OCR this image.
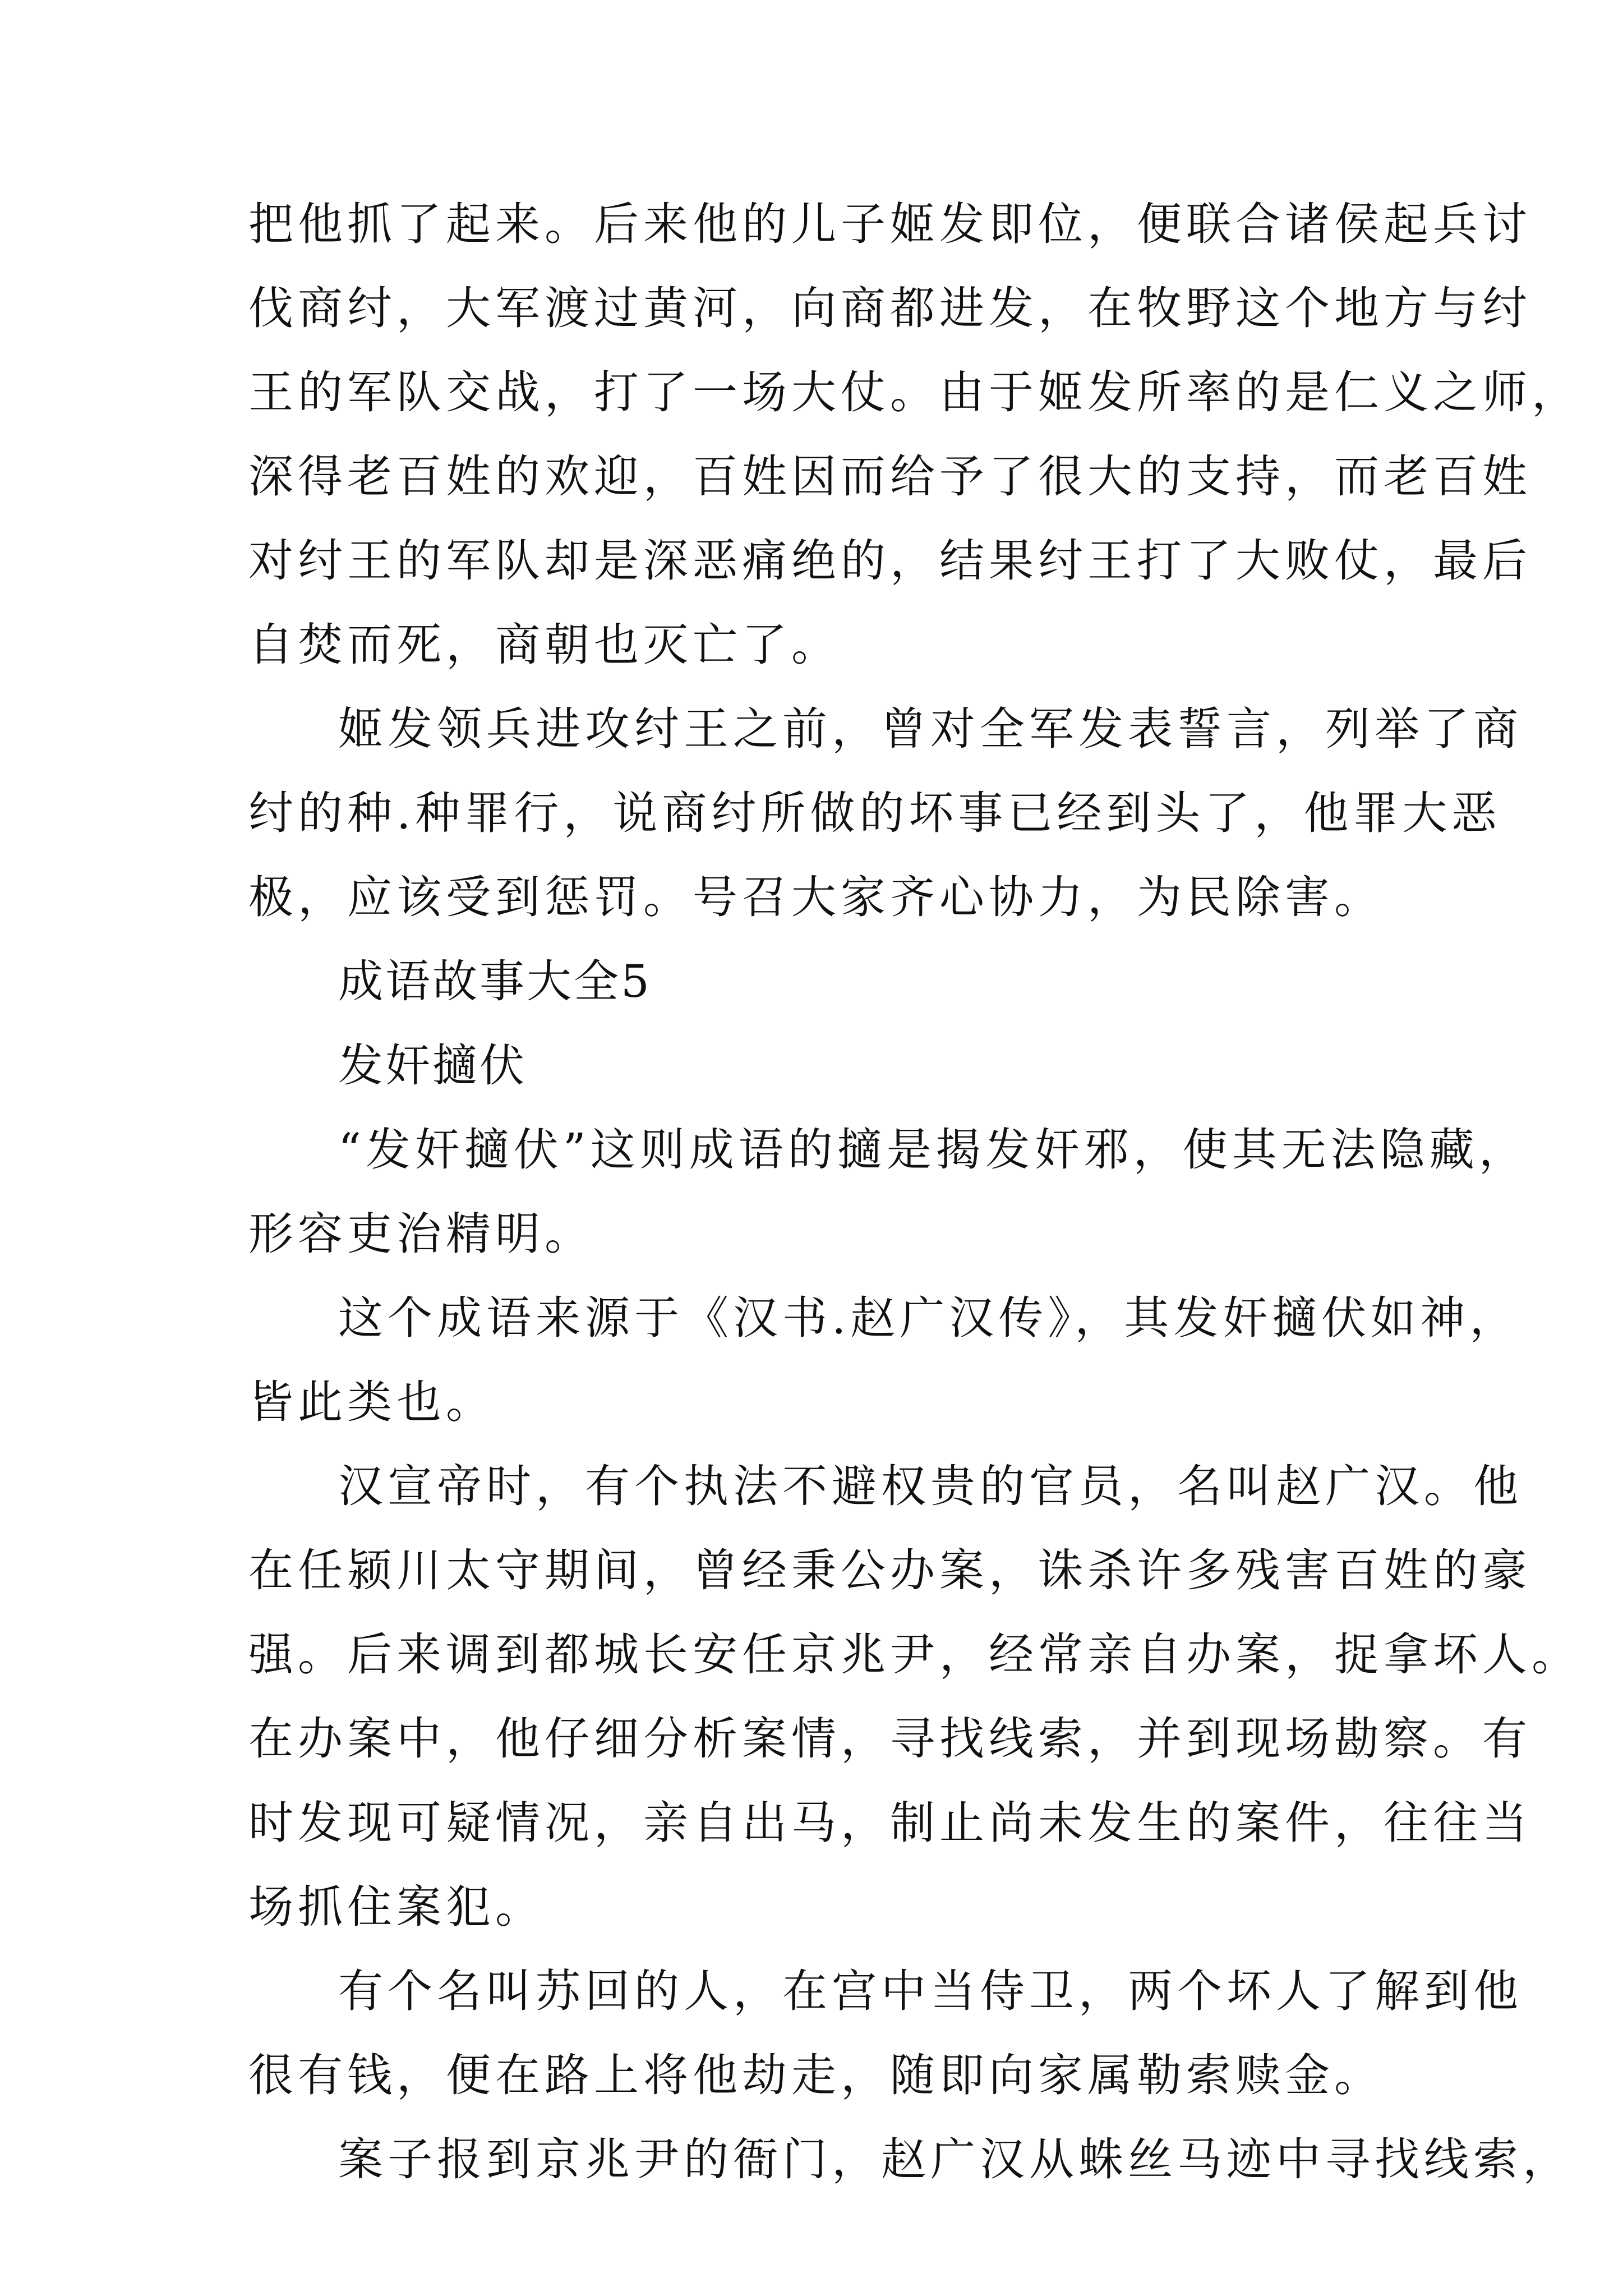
把他抓了起来。后来他的儿子姬发即位，便联合诸侯起兵讨
伐商纣，大军渡过黄河，向商都进发，在牧野这个地方与纣
王的军队交战，打了一场大仗。由于姬发所率的是仁义之师，
深得老百姓的欢迎，百姓因而给予了很大的支持，而老百姓
对纣王的军队却是深恶痛绝的，结果纣王打了大败仗，最后
自焚而死，商朝也灭亡了。
姬发领兵进攻纣王之前，曾对全军发表誓言，列举了商
纣的种.种罪行，说商纣所做的坏事已经到头了，他罪大恶
极，应该受到惩罚。号召大家齐心协力，为民除害。
成语故事大全5
发奸擿伏
“发奸擿伏”这则成语的擿是揭发奸邪，使其无法隐藏，
形容吏治精明。
这个成语来源于《汉书.赵广汉传》，其发奸擿伏如神，
皆此类也。
汉宣帝时，有个执法不避权贵的官员，名叫赵广汉。他
在任颍川太守期间，曾经秉公办案，诛杀许多残害百姓的豪
强。后来调到都城长安任京兆尹，经常亲自办案，捉拿坏人。
在办案中，他仔细分析案情，寻找线索，并到现场勘察。有
时发现可疑情况，亲自出马，制止尚未发生的案件，往往当
场抓住案犯。
有个名叫苏回的人，在宫中当侍卫，两个坏人了解到他
很有钱，便在路上将他劫走，随即向家属勒索赎金。
案子报到京兆尹的衙门，赵广汉从蛛丝马迹中寻找线索，
